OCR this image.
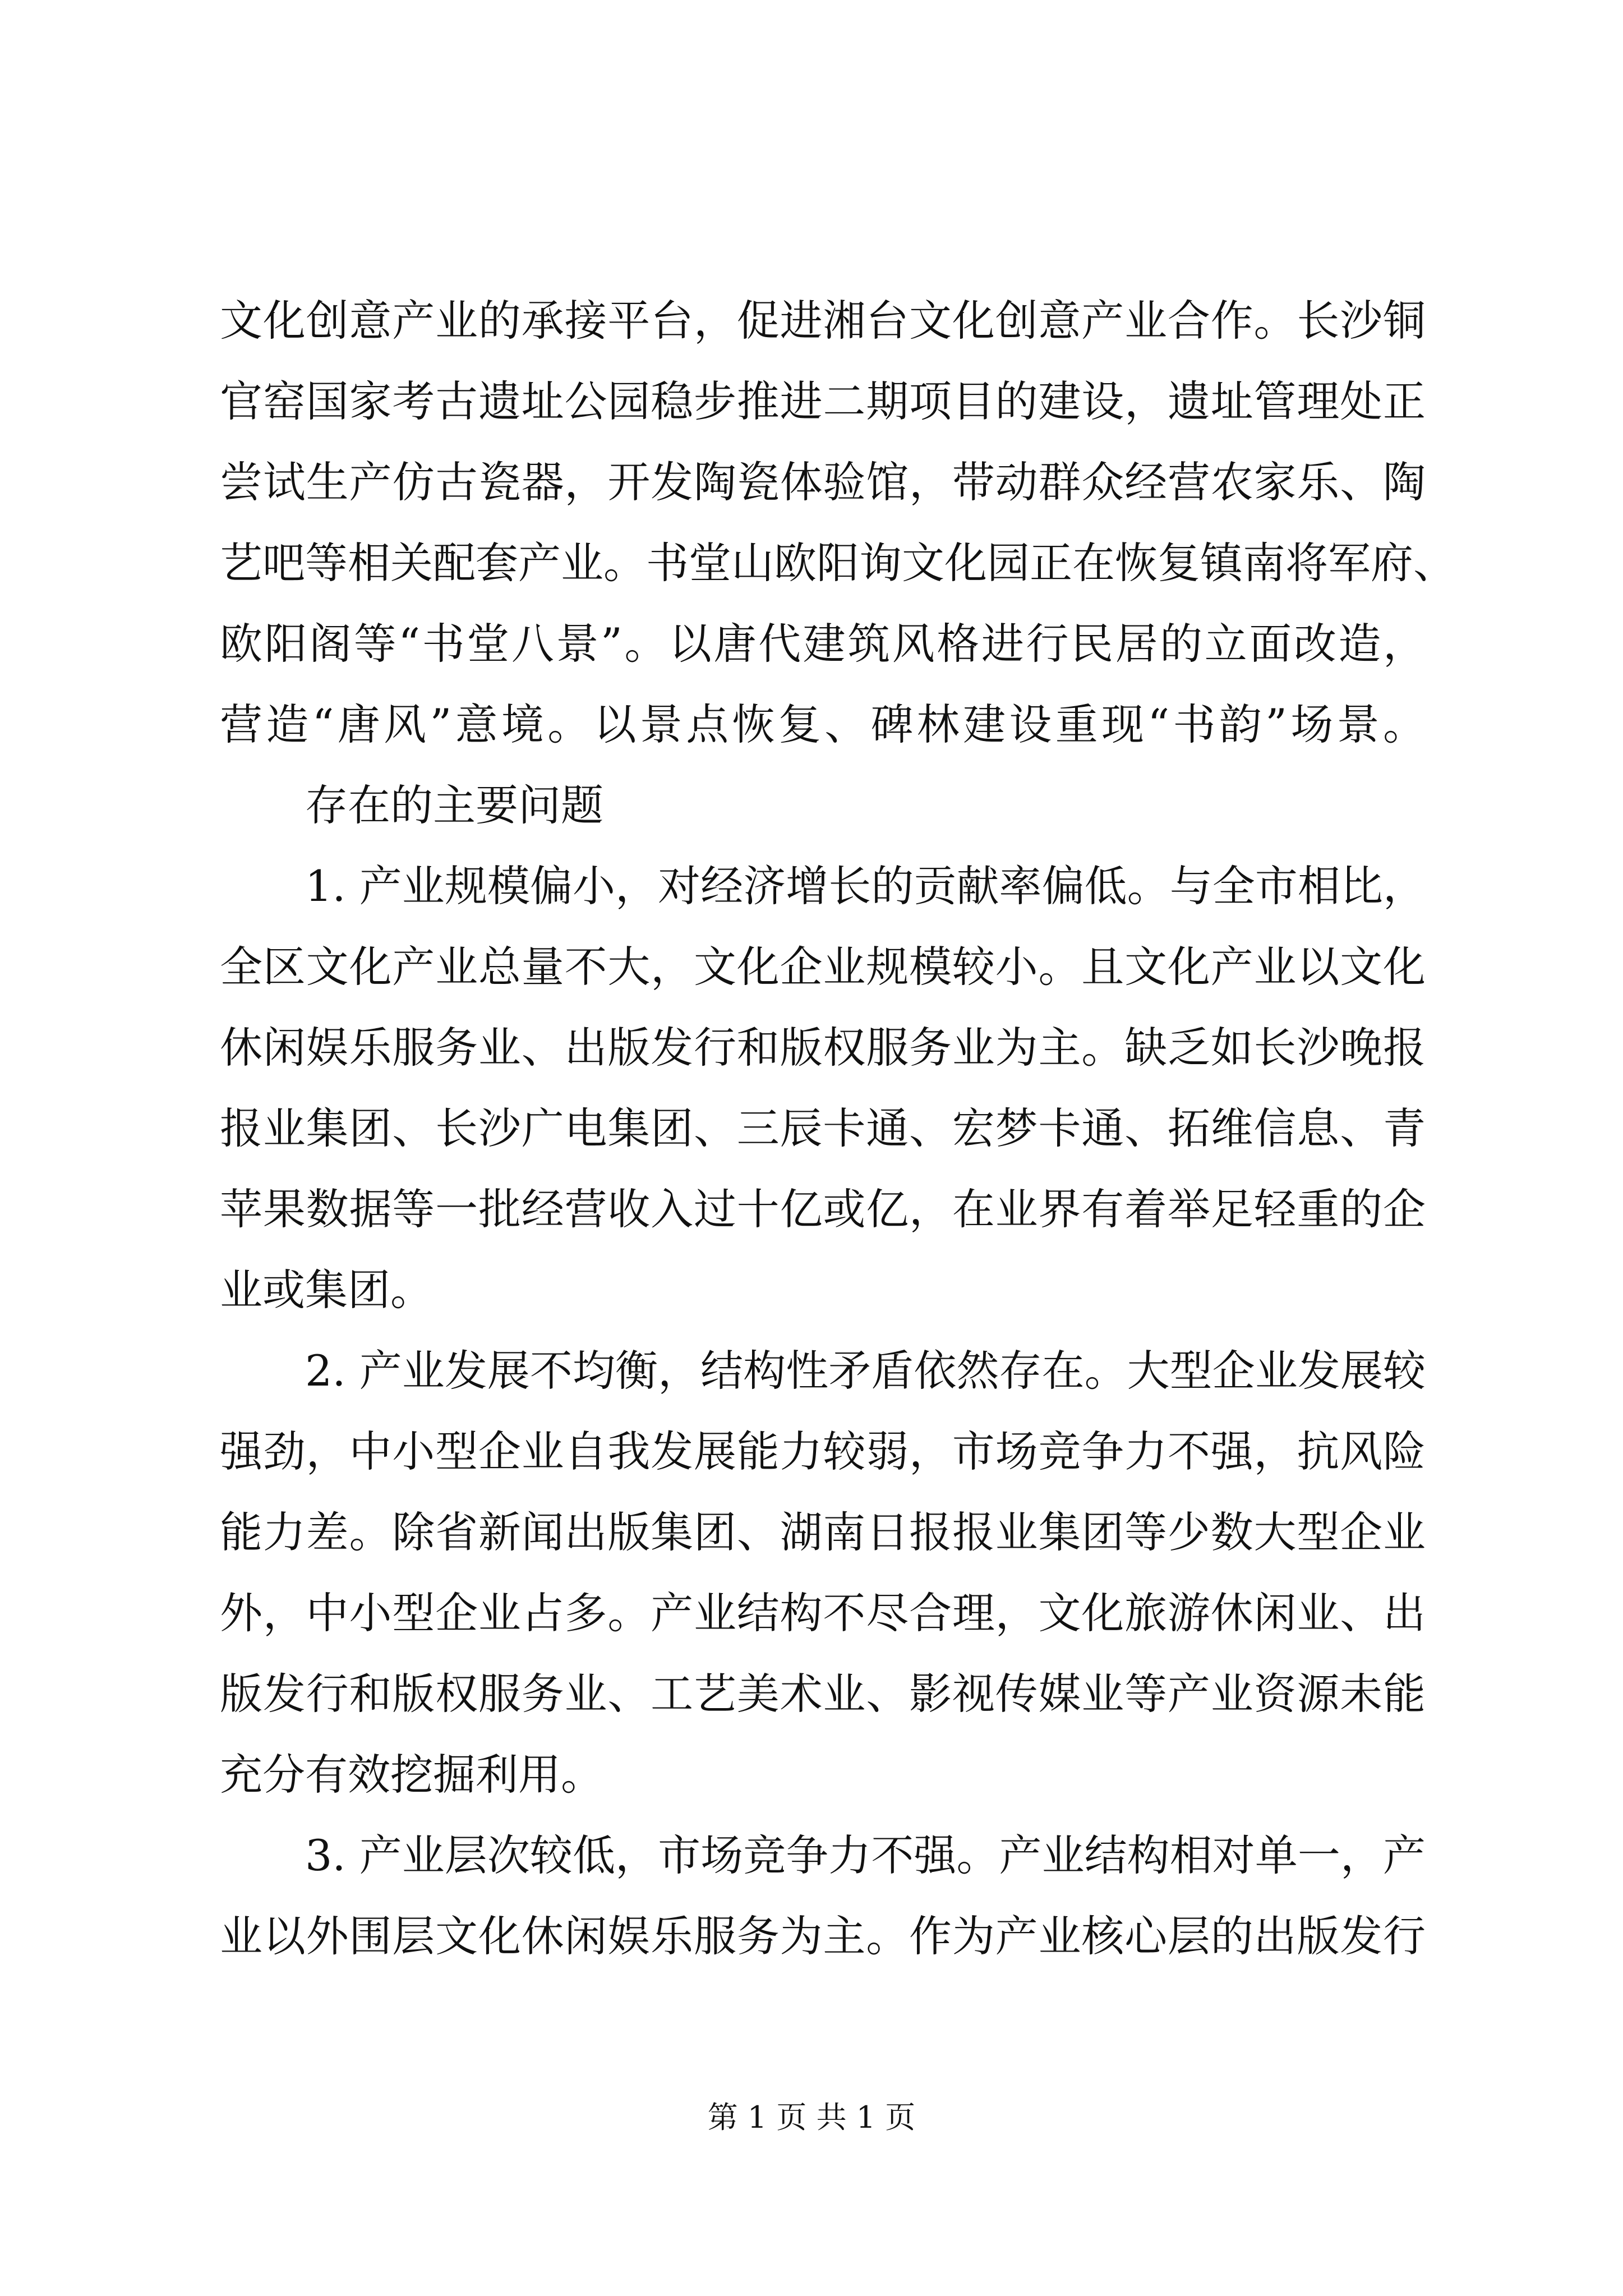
文化创意产业的承接平台，促进湘台文化创意产业合作。长沙铜
官窑国家考古遗址公园稳步推进二期项目的建设，遗址管理处正
尝试生产仿古瓷器，开发陶瓷体验馆，带动群众经营农家乐、陶
艺吧等相关配套产业。书堂山欧阳询文化园正在恢复镇南将军府、
欧阳阁等“书堂八景”。以唐代建筑风格进行民居的立面改造，
营造“唐风”意境。以景点恢复、碑林建设重现“书韵”场景。

存在的主要问题

1. 产业规模偏小，对经济增长的贡献率偏低。与全市相比，
全区文化产业总量不大，文化企业规模较小。且文化产业以文化
休闲娱乐服务业、出版发行和版权服务业为主。缺乏如长沙晚报
报业集团、长沙广电集团、三辰卡通、宏梦卡通、拓维信息、青
苹果数据等一批经营收入过十亿或亿，在业界有着举足轻重的企
业或集团。

2. 产业发展不均衡，结构性矛盾依然存在。大型企业发展较
强劲，中小型企业自我发展能力较弱，市场竞争力不强，抗风险
能力差。除省新闻出版集团、湖南日报报业集团等少数大型企业
外，中小型企业占多。产业结构不尽合理，文化旅游休闲业、出
版发行和版权服务业、工艺美术业、影视传媒业等产业资源未能
充分有效挖掘利用。

3. 产业层次较低，市场竞争力不强。产业结构相对单一，产
业以外围层文化休闲娱乐服务为主。作为产业核心层的出版发行

第 1 页 共 1 页
